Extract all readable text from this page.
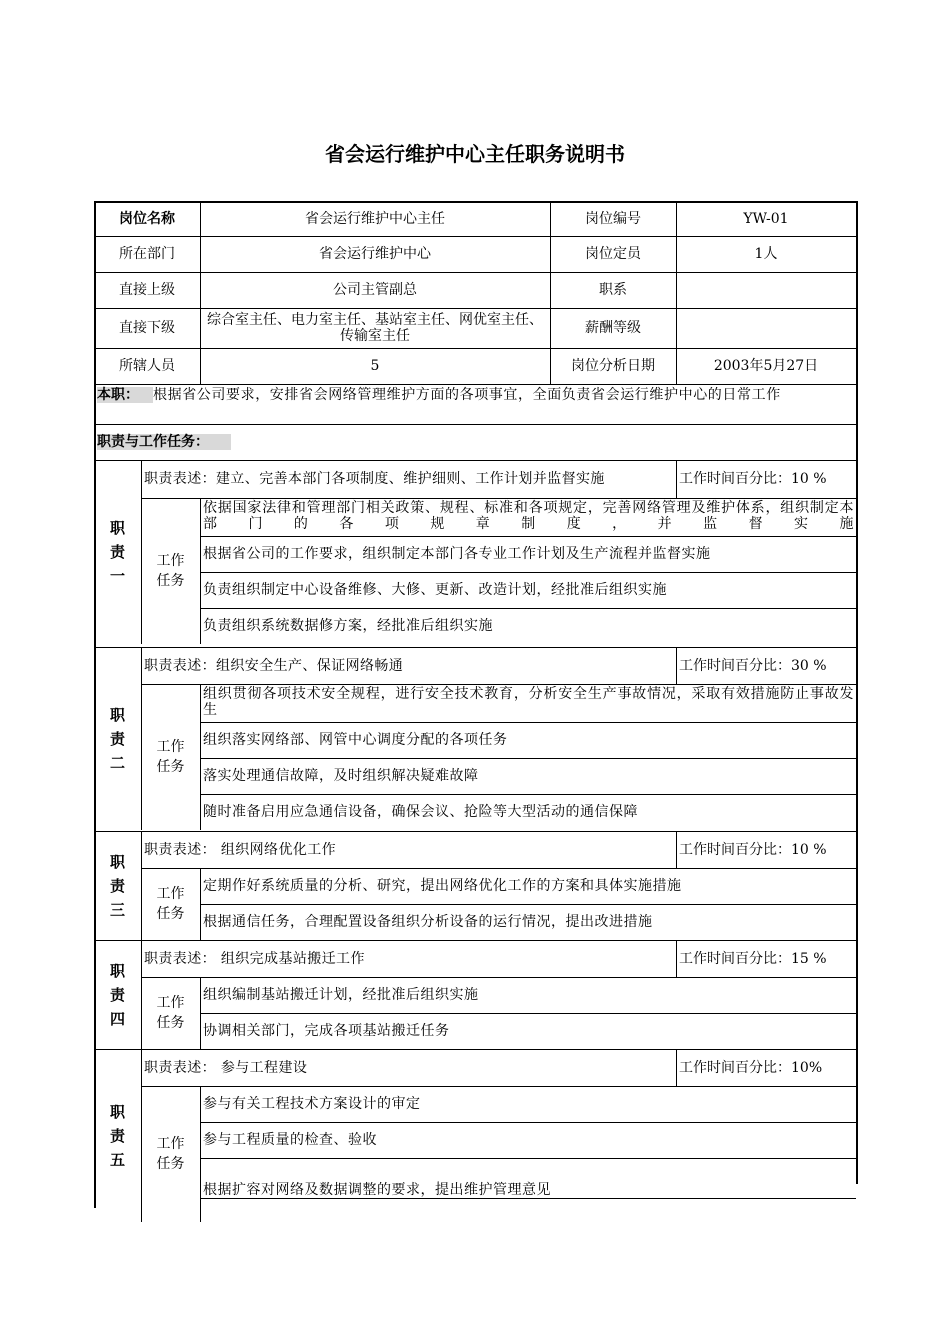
省会运行维护中心主任职务说明书
岗位名称	省会运行维护中心主任	岗位编号	YW-01
所在部门	省会运行维护中心	岗位定员	1人
直接上级	公司主管副总	职系
直接下级	综合室主任、电力室主任、基站室主任、网优室主任、传输室主任	薪酬等级
所辖人员	5	岗位分析日期	2003年5月27日
本职： 根据省公司要求，安排省会网络管理维护方面的各项事宜，全面负责省会运行维护中心的日常工作
职责与工作任务：
职责一
职责表述：建立、完善本部门各项制度、维护细则、工作计划并监督实施	工作时间百分比：10 %
工作任务
依据国家法律和管理部门相关政策、规程、标准和各项规定，完善网络管理及维护体系，组织制定本部门的各项规章制度，并监督实施
根据省公司的工作要求，组织制定本部门各专业工作计划及生产流程并监督实施
负责组织制定中心设备维修、大修、更新、改造计划，经批准后组织实施
负责组织系统数据修方案，经批准后组织实施
职责二
职责表述：组织安全生产、保证网络畅通	工作时间百分比：30 %
工作任务
组织贯彻各项技术安全规程，进行安全技术教育，分析安全生产事故情况，采取有效措施防止事故发生
组织落实网络部、网管中心调度分配的各项任务
落实处理通信故障，及时组织解决疑难故障
随时准备启用应急通信设备，确保会议、抢险等大型活动的通信保障
职责三
职责表述： 组织网络优化工作	工作时间百分比：10 %
工作任务
定期作好系统质量的分析、研究，提出网络优化工作的方案和具体实施措施
根据通信任务，合理配置设备组织分析设备的运行情况，提出改进措施
职责四
职责表述： 组织完成基站搬迁工作	工作时间百分比：15 %
工作任务
组织编制基站搬迁计划，经批准后组织实施
协调相关部门，完成各项基站搬迁任务
职责五
职责表述： 参与工程建设	工作时间百分比：10%
工作任务
参与有关工程技术方案设计的审定
参与工程质量的检查、验收
根据扩容对网络及数据调整的要求，提出维护管理意见
